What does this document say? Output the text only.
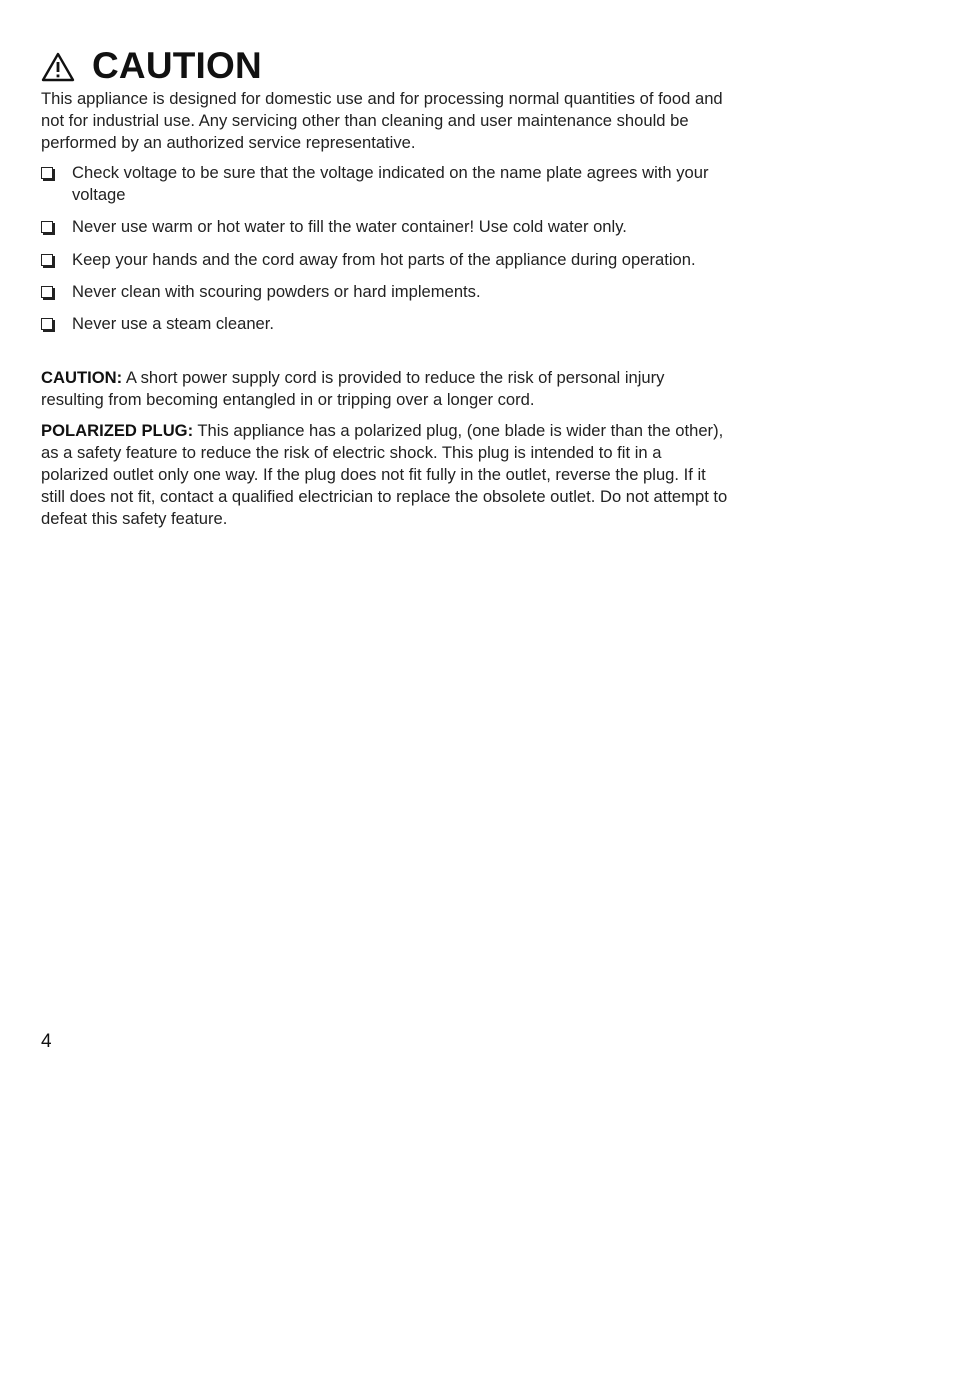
CAUTION

This appliance is designed for domestic use and for processing normal quantities of food and not for industrial use. Any servicing other than cleaning and user maintenance should be performed by an authorized service representative.

Check voltage to be sure that the voltage indicated on the name plate agrees with your voltage
Never use warm or hot water to fill the water container! Use cold water only.
Keep your hands and the cord away from hot parts of the appliance during operation.
Never clean with scouring powders or hard implements.
Never use a steam cleaner.

CAUTION: A short power supply cord is provided to reduce the risk of personal injury resulting from becoming entangled in or tripping over a longer cord.

POLARIZED PLUG: This appliance has a polarized plug, (one blade is wider than the other), as a safety feature to reduce the risk of electric shock. This plug is intended to fit in a polarized outlet only one way. If the plug does not fit fully in the outlet, reverse the plug. If it still does not fit, contact a qualified electrician to replace the obsolete outlet. Do not attempt to defeat this safety feature.

4
